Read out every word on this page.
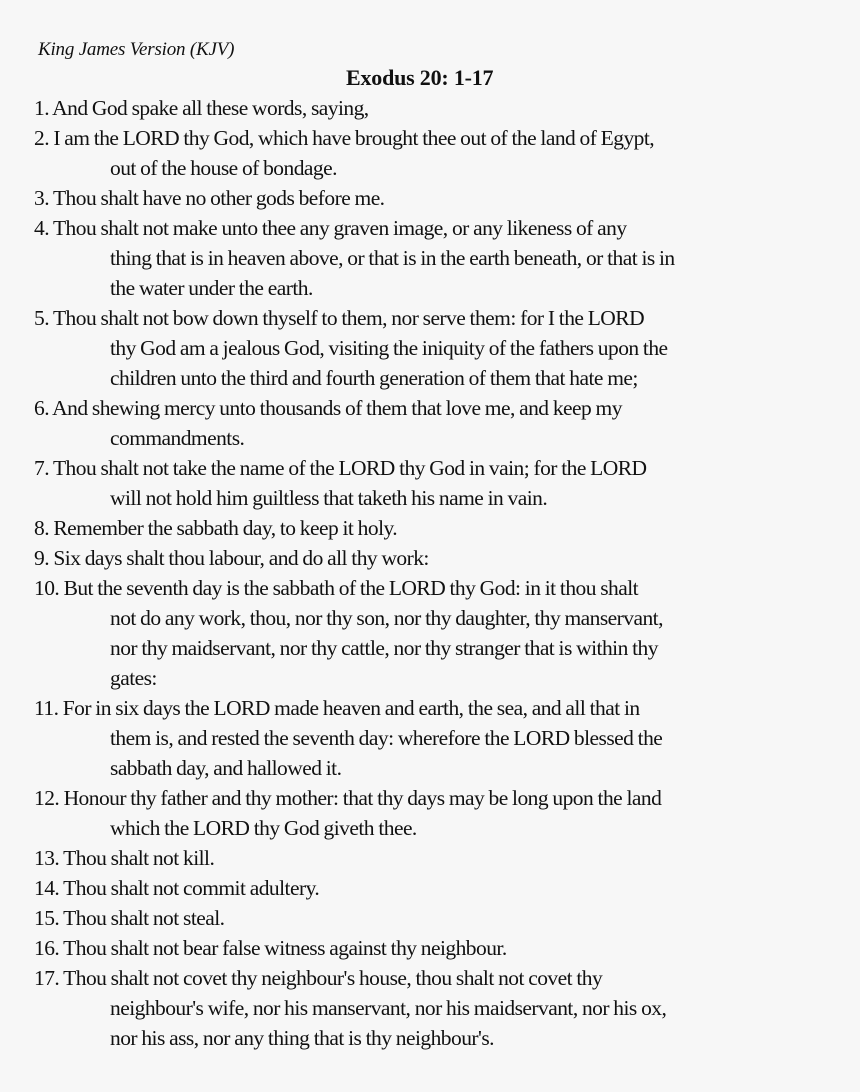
King James Version (KJV)
Exodus 20: 1-17
1. And God spake all these words, saying,
2. I am the LORD thy God, which have brought thee out of the land of Egypt,
out of the house of bondage.
3. Thou shalt have no other gods before me.
4. Thou shalt not make unto thee any graven image, or any likeness of any
thing that is in heaven above, or that is in the earth beneath, or that is in
the water under the earth.
5. Thou shalt not bow down thyself to them, nor serve them: for I the LORD
thy God am a jealous God, visiting the iniquity of the fathers upon the
children unto the third and fourth generation of them that hate me;
6. And shewing mercy unto thousands of them that love me, and keep my
commandments.
7. Thou shalt not take the name of the LORD thy God in vain; for the LORD
will not hold him guiltless that taketh his name in vain.
8. Remember the sabbath day, to keep it holy.
9. Six days shalt thou labour, and do all thy work:
10. But the seventh day is the sabbath of the LORD thy God: in it thou shalt
not do any work, thou, nor thy son, nor thy daughter, thy manservant,
nor thy maidservant, nor thy cattle, nor thy stranger that is within thy
gates:
11. For in six days the LORD made heaven and earth, the sea, and all that in
them is, and rested the seventh day: wherefore the LORD blessed the
sabbath day, and hallowed it.
12. Honour thy father and thy mother: that thy days may be long upon the land
which the LORD thy God giveth thee.
13. Thou shalt not kill.
14. Thou shalt not commit adultery.
15. Thou shalt not steal.
16. Thou shalt not bear false witness against thy neighbour.
17. Thou shalt not covet thy neighbour's house, thou shalt not covet thy
neighbour's wife, nor his manservant, nor his maidservant, nor his ox,
nor his ass, nor any thing that is thy neighbour's.
